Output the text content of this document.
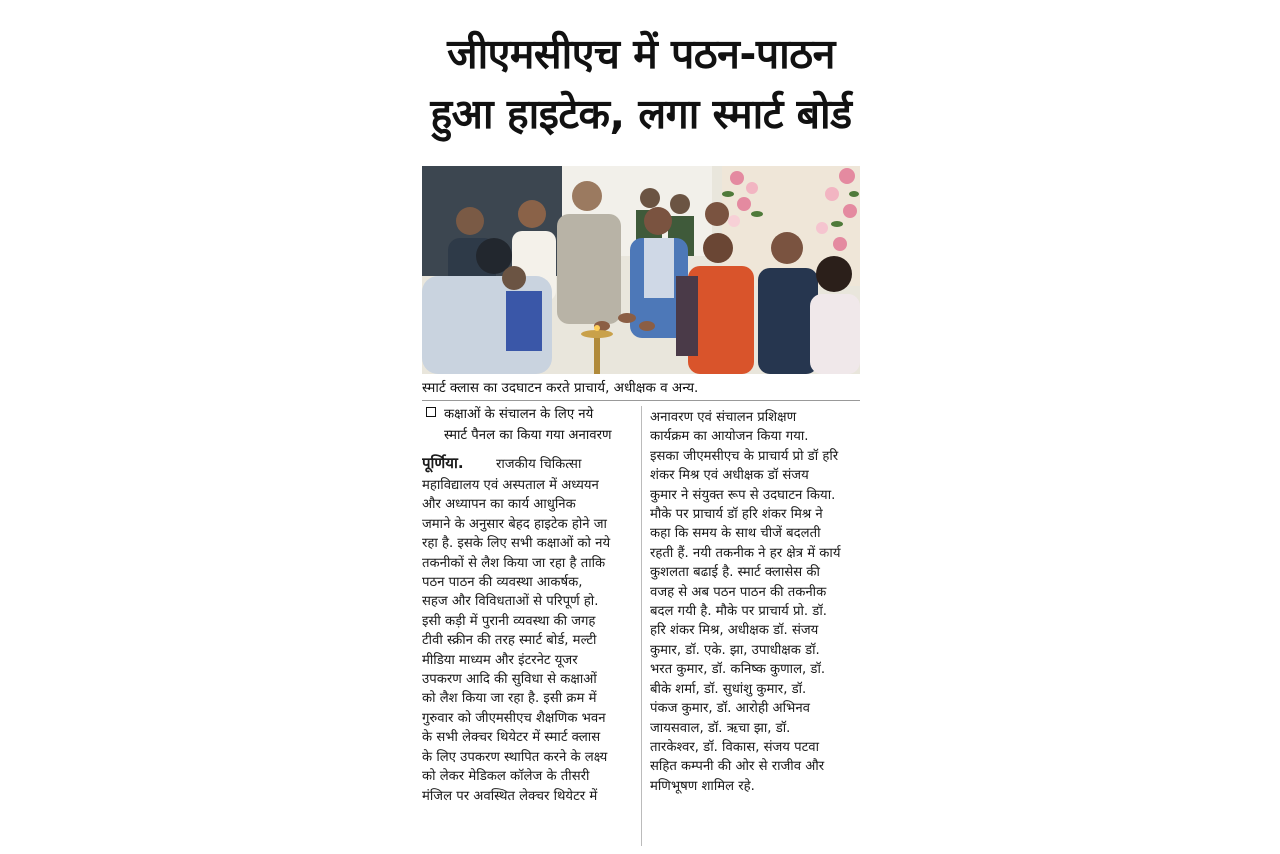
जीएमसीएच में पठन-पाठन
हुआ हाइटेक, लगा स्मार्ट बोर्ड
स्मार्ट क्लास का उदघाटन करते प्राचार्य, अधीक्षक व अन्य.
कक्षाओं के संचालन के लिए नये
स्मार्ट पैनल का किया गया अनावरण
पूर्णिया. राजकीय चिकित्सा
महाविद्यालय एवं अस्पताल में अध्ययन
और अध्यापन का कार्य आधुनिक
जमाने के अनुसार बेहद हाइटेक होने जा
रहा है. इसके लिए सभी कक्षाओं को नये
तकनीकों से लैश किया जा रहा है ताकि
पठन पाठन की व्यवस्था आकर्षक,
सहज और विविधताओं से परिपूर्ण हो.
इसी कड़ी में पुरानी व्यवस्था की जगह
टीवी स्क्रीन की तरह स्मार्ट बोर्ड, मल्टी
मीडिया माध्यम और इंटरनेट यूजर
उपकरण आदि की सुविधा से कक्षाओं
को लैश किया जा रहा है. इसी क्रम में
गुरुवार को जीएमसीएच शैक्षणिक भवन
के सभी लेक्चर थियेटर में स्मार्ट क्लास
के लिए उपकरण स्थापित करने के लक्ष्य
को लेकर मेडिकल कॉलेज के तीसरी
मंजिल पर अवस्थित लेक्चर थियेटर में
अनावरण एवं संचालन प्रशिक्षण
कार्यक्रम का आयोजन किया गया.
इसका जीएमसीएच के प्राचार्य प्रो डॉ हरि
शंकर मिश्र एवं अधीक्षक डॉ संजय
कुमार ने संयुक्त रूप से उदघाटन किया.
मौके पर प्राचार्य डॉ हरि शंकर मिश्र ने
कहा कि समय के साथ चीजें बदलती
रहती हैं. नयी तकनीक ने हर क्षेत्र में कार्य
कुशलता बढाई है. स्मार्ट क्लासेस की
वजह से अब पठन पाठन की तकनीक
बदल गयी है. मौके पर प्राचार्य प्रो. डॉ.
हरि शंकर मिश्र, अधीक्षक डॉ. संजय
कुमार, डॉ. एके. झा, उपाधीक्षक डॉ.
भरत कुमार, डॉ. कनिष्क कुणाल, डॉ.
बीके शर्मा, डॉ. सुधांशु कुमार, डॉ.
पंकज कुमार, डॉ. आरोही अभिनव
जायसवाल, डॉ. ऋचा झा, डॉ.
तारकेश्वर, डॉ. विकास, संजय पटवा
सहित कम्पनी की ओर से राजीव और
मणिभूषण शामिल रहे.
